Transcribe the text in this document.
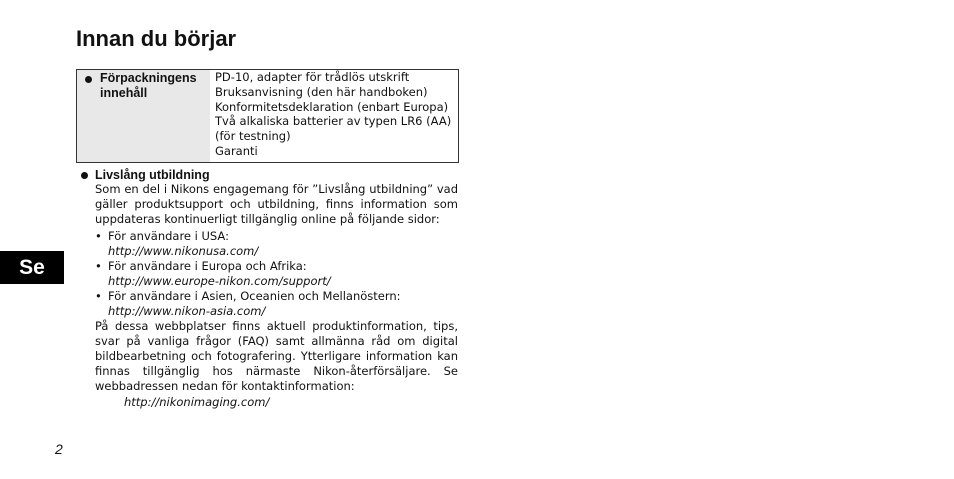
Innan du börjar
Förpackningens
innehåll
PD-10, adapter för trådlös utskrift
Bruksanvisning (den här handboken)
Konformitetsdeklaration (enbart Europa)
Två alkaliska batterier av typen LR6 (AA) (för testning)
Garanti
Livslång utbildning

Som en del i Nikons engagemang för ”Livslång utbildning” vad gäller produktsupport och utbildning, finns information som uppdateras kontinuerligt tillgänglig online på följande sidor:

• För användare i USA:
http://www.nikonusa.com/
• För användare i Europa och Afrika:
http://www.europe-nikon.com/support/
• För användare i Asien, Oceanien och Mellanöstern:
http://www.nikon-asia.com/

På dessa webbplatser finns aktuell produktinformation, tips, svar på vanliga frågor (FAQ) samt allmänna råd om digital bildbearbetning och fotografering. Ytterligare information kan finnas tillgänglig hos närmaste Nikon-återförsäljare. Se webbadressen nedan för kontaktinformation:

http://nikonimaging.com/
Se
2
